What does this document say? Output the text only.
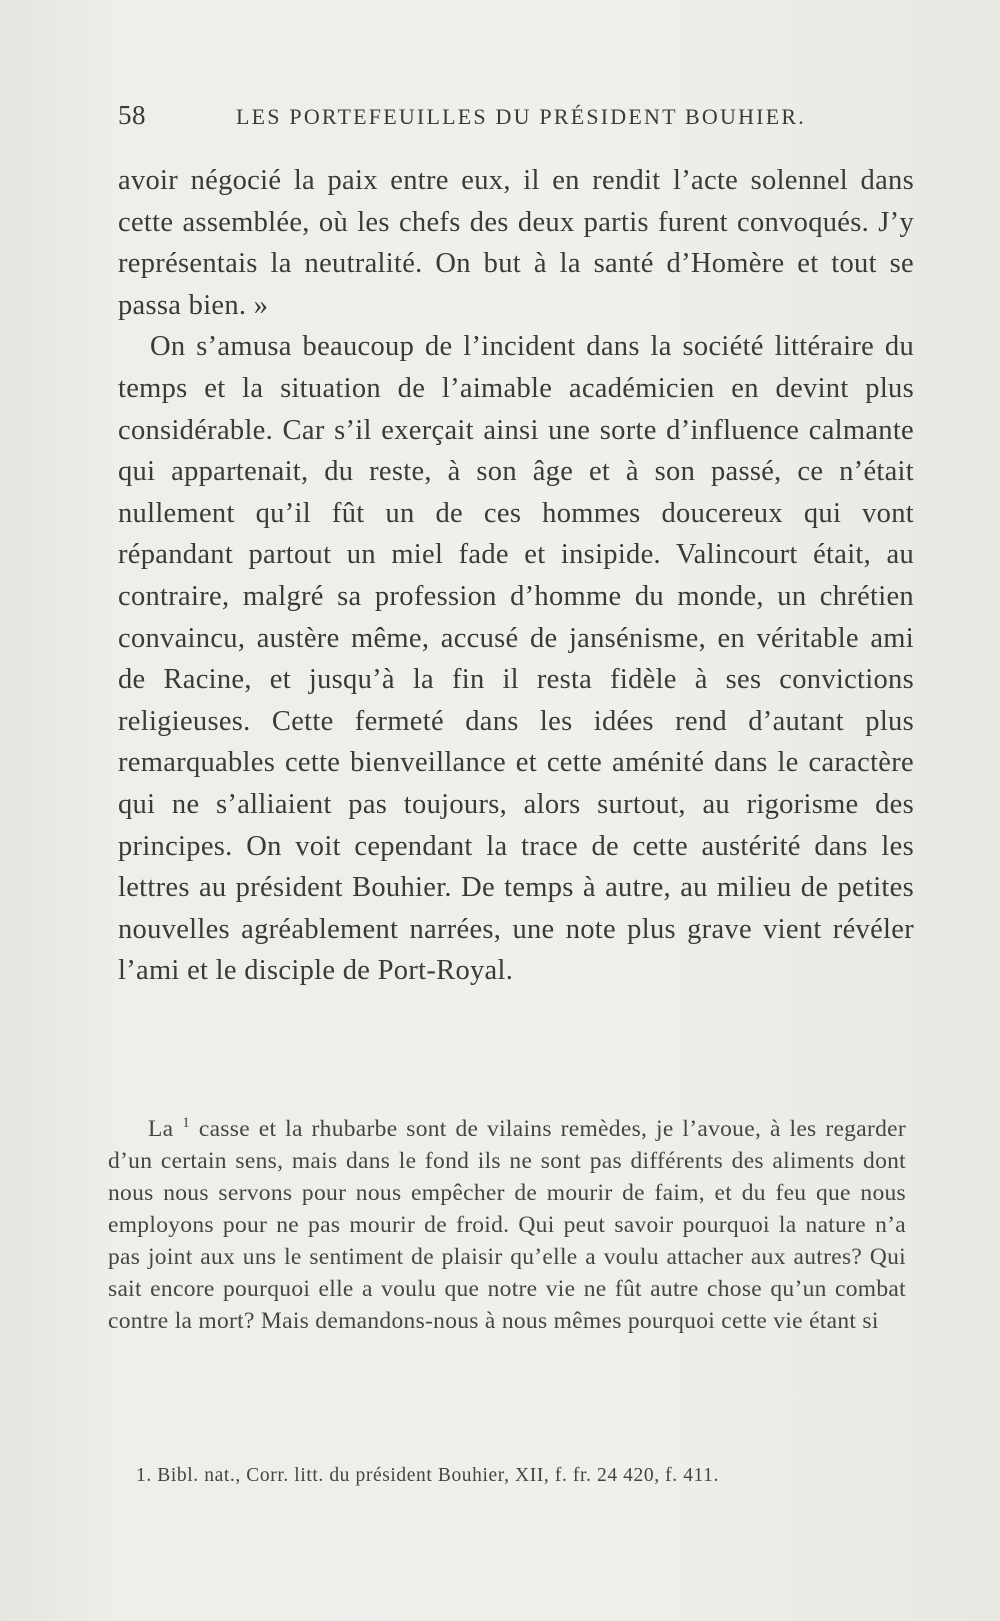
58	LES PORTEFEUILLES DU PRÉSIDENT BOUHIER.

avoir négocié la paix entre eux, il en rendit l’acte solennel dans cette assemblée, où les chefs des deux partis furent convoqués. J’y représentais la neutralité. On but à la santé d’Homère et tout se passa bien. »

On s’amusa beaucoup de l’incident dans la société littéraire du temps et la situation de l’aimable académicien en devint plus considérable. Car s’il exerçait ainsi une sorte d’influence calmante qui appartenait, du reste, à son âge et à son passé, ce n’était nullement qu’il fût un de ces hommes doucereux qui vont répandant partout un miel fade et insipide. Valincourt était, au contraire, malgré sa profession d’homme du monde, un chrétien convaincu, austère même, accusé de jansénisme, en véritable ami de Racine, et jusqu’à la fin il resta fidèle à ses convictions religieuses. Cette fermeté dans les idées rend d’autant plus remarquables cette bienveillance et cette aménité dans le caractère qui ne s’alliaient pas toujours, alors surtout, au rigorisme des principes. On voit cependant la trace de cette austérité dans les lettres au président Bouhier. De temps à autre, au milieu de petites nouvelles agréablement narrées, une note plus grave vient révéler l’ami et le disciple de Port-Royal.

La $^1$ casse et la rhubarbe sont de vilains remèdes, je l’avoue, à les regarder d’un certain sens, mais dans le fond ils ne sont pas différents des aliments dont nous nous servons pour nous empêcher de mourir de faim, et du feu que nous employons pour ne pas mourir de froid. Qui peut savoir pourquoi la nature n’a pas joint aux uns le sentiment de plaisir qu’elle a voulu attacher aux autres? Qui sait encore pourquoi elle a voulu que notre vie ne fût autre chose qu’un combat contre la mort? Mais demandons-nous à nous mêmes pourquoi cette vie étant si

1. Bibl. nat., Corr. litt. du président Bouhier, XII, f. fr. 24 420, f. 411.
